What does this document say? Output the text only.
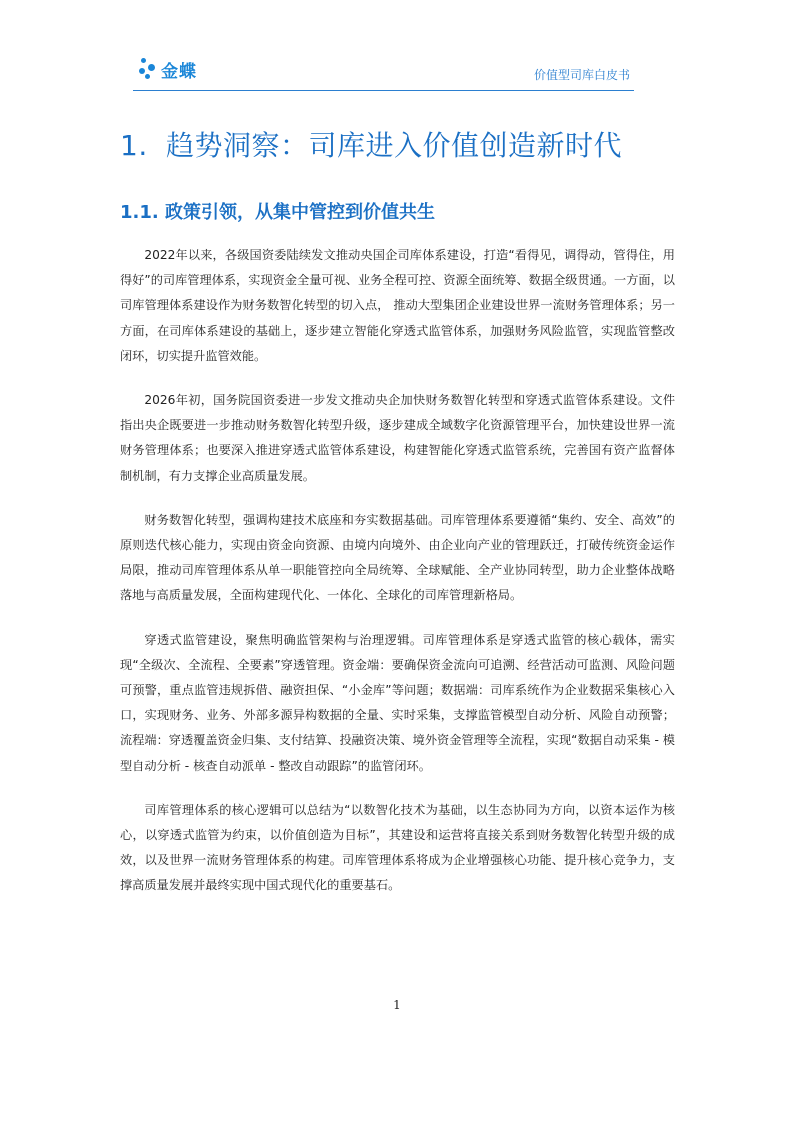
金蝶	价值型司库白皮书
1. 趋势洞察：司库进入价值创造新时代
1.1. 政策引领，从集中管控到价值共生

2022年以来，各级国资委陆续发文推动央国企司库体系建设，打造“看得见，调得动，管得住，用得好”的司库管理体系，实现资金全量可视、业务全程可控、资源全面统筹、数据全级贯通。一方面，以司库管理体系建设作为财务数智化转型的切入点， 推动大型集团企业建设世界一流财务管理体系；另一方面，在司库体系建设的基础上，逐步建立智能化穿透式监管体系，加强财务风险监管，实现监管整改闭环，切实提升监管效能。

2026年初，国务院国资委进一步发文推动央企加快财务数智化转型和穿透式监管体系建设。文件指出央企既要进一步推动财务数智化转型升级，逐步建成全域数字化资源管理平台，加快建设世界一流财务管理体系；也要深入推进穿透式监管体系建设，构建智能化穿透式监管系统，完善国有资产监督体制机制，有力支撑企业高质量发展。

财务数智化转型，强调构建技术底座和夯实数据基础。司库管理体系要遵循“集约、安全、高效”的原则迭代核心能力，实现由资金向资源、由境内向境外、由企业向产业的管理跃迁，打破传统资金运作局限，推动司库管理体系从单一职能管控向全局统筹、全球赋能、全产业协同转型，助力企业整体战略落地与高质量发展，全面构建现代化、一体化、全球化的司库管理新格局。

穿透式监管建设，聚焦明确监管架构与治理逻辑。司库管理体系是穿透式监管的核心载体，需实现“全级次、全流程、全要素”穿透管理。资金端：要确保资金流向可追溯、经营活动可监测、风险问题可预警，重点监管违规拆借、融资担保、“小金库”等问题；数据端：司库系统作为企业数据采集核心入口，实现财务、业务、外部多源异构数据的全量、实时采集，支撑监管模型自动分析、风险自动预警；流程端：穿透覆盖资金归集、支付结算、投融资决策、境外资金管理等全流程，实现“数据自动采集 - 模型自动分析 - 核查自动派单 - 整改自动跟踪”的监管闭环。

司库管理体系的核心逻辑可以总结为“以数智化技术为基础，以生态协同为方向，以资本运作为核心，以穿透式监管为约束，以价值创造为目标”，其建设和运营将直接关系到财务数智化转型升级的成效，以及世界一流财务管理体系的构建。司库管理体系将成为企业增强核心功能、提升核心竞争力，支撑高质量发展并最终实现中国式现代化的重要基石。

1
